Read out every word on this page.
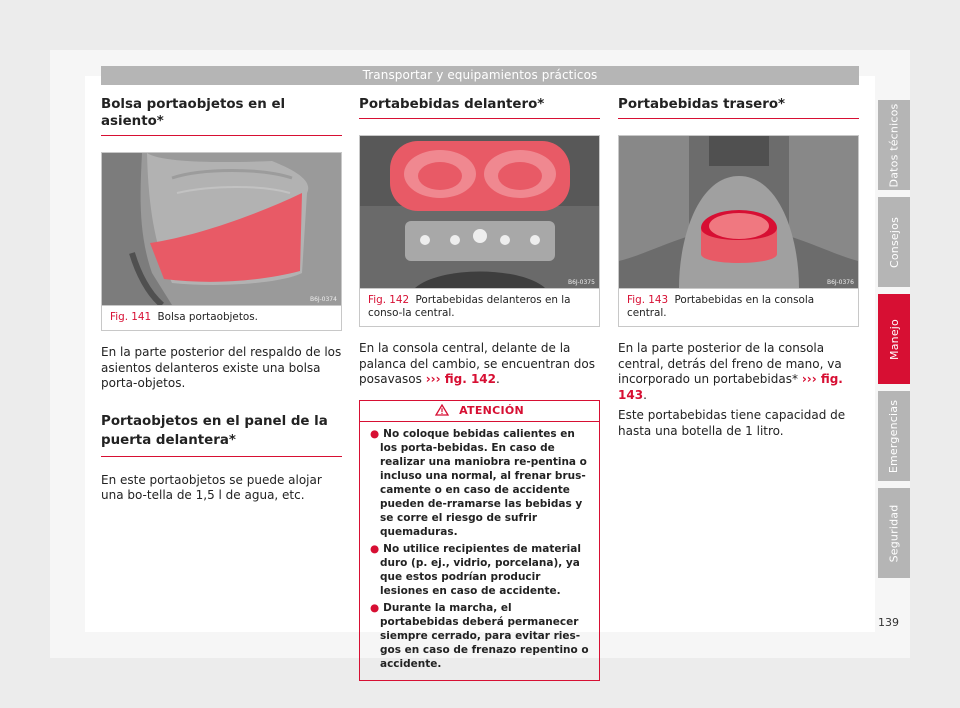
Transportar y equipamientos prácticos
Bolsa portaobjetos en el asiento*
B6J-0374
Fig. 141 Bolsa portaobjetos.

En la parte posterior del respaldo de los asientos delanteros existe una bolsa porta-objetos.

Portaobjetos en el panel de la puerta delantera*

En este portaobjetos se puede alojar una bo-tella de 1,5 l de agua, etc.

Portabebidas delantero*
B6J-0375
Fig. 142 Portabebidas delanteros en la conso-la central.

En la consola central, delante de la palanca del cambio, se encuentran dos posavasos ››› fig. 142.

ATENCIÓN
● No coloque bebidas calientes en los porta-bebidas. En caso de realizar una maniobra re-pentina o incluso una normal, al frenar brus-camente o en caso de accidente pueden de-rramarse las bebidas y se corre el riesgo de sufrir quemaduras.
● No utilice recipientes de material duro (p. ej., vidrio, porcelana), ya que estos podrían producir lesiones en caso de accidente.
● Durante la marcha, el portabebidas deberá permanecer siempre cerrado, para evitar ries-gos en caso de frenazo repentino o accidente.
Portabebidas trasero*
B6J-0376
Fig. 143 Portabebidas en la consola central.

En la parte posterior de la consola central, detrás del freno de mano, va incorporado un portabebidas* ››› fig. 143.

Este portabebidas tiene capacidad de hasta una botella de 1 litro.

Datos técnicos
Consejos
Manejo
Emergencias
Seguridad
139
